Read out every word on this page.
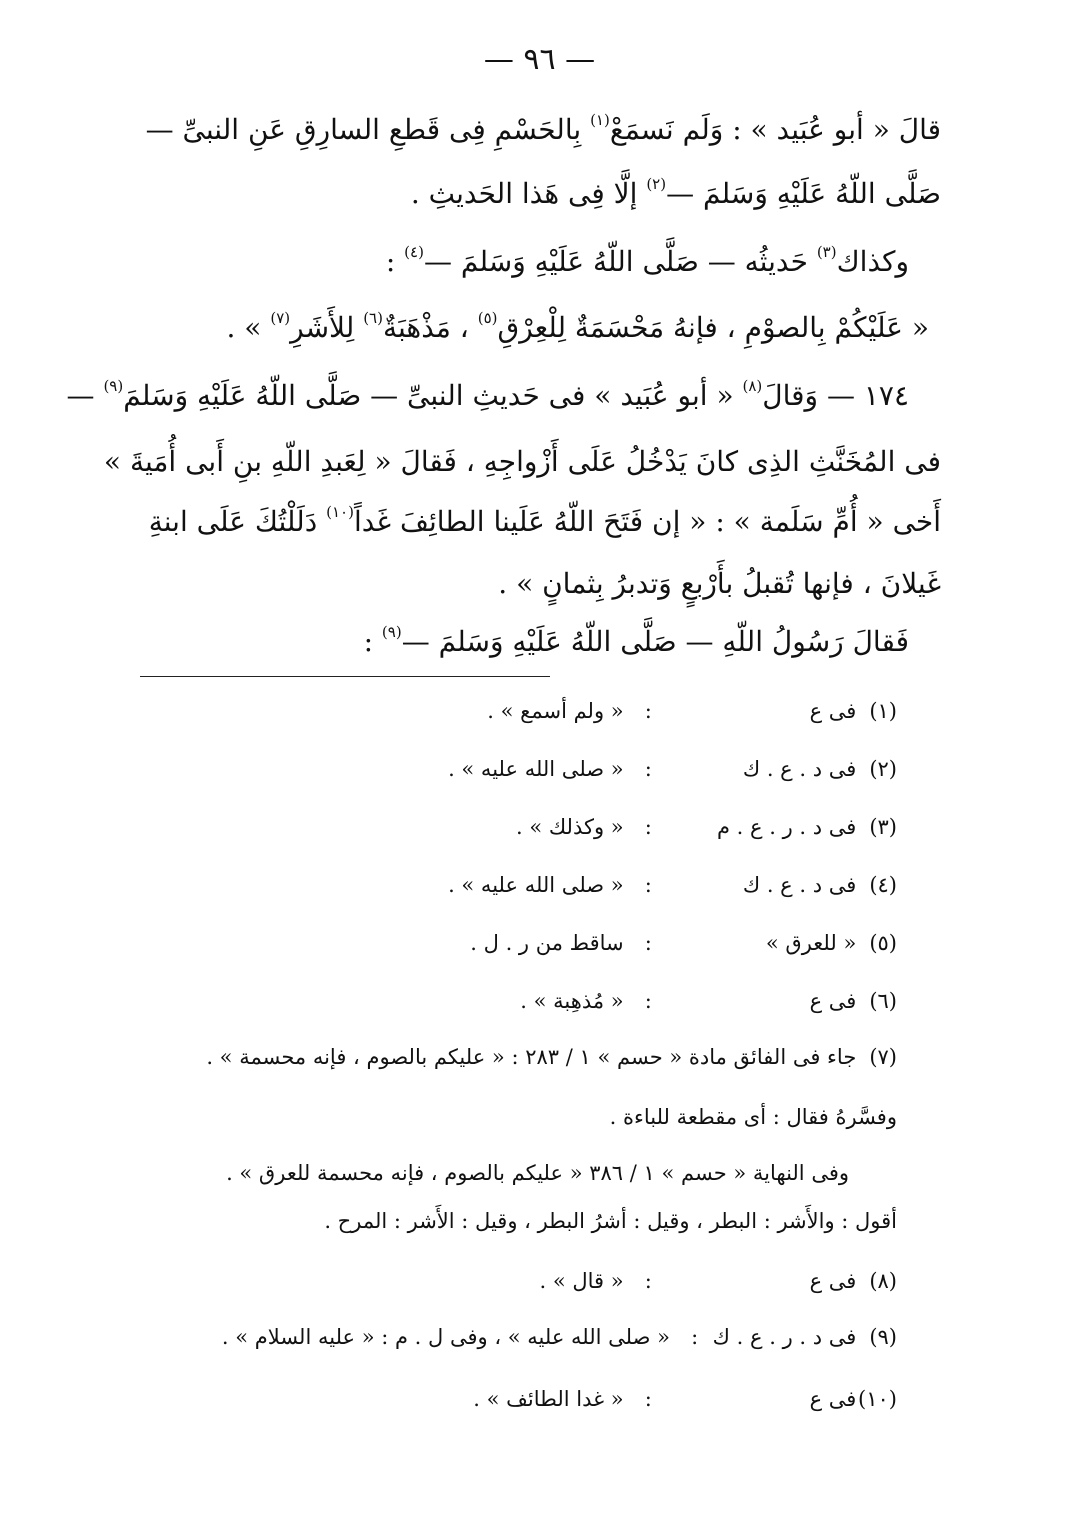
— ٩٦ —
قالَ « أبو عُبَيد » : وَلَم نَسمَعْ$^{(١)}$ بِالحَسْمِ فِى قَطعِ السارِقِ عَنِ النبىِّ —
صَلَّى اللّهُ عَلَيْهِ وَسَلمَ —$^{(٢)}$ إلَّا فِى هَذا الحَديثِ .
وكذاك$^{(٣)}$ حَديثُه — صَلَّى اللّهُ عَلَيْهِ وَسَلمَ —$^{(٤)}$ :
« عَلَيْكُمْ بِالصوْمِ ، فإنهُ مَحْسَمَةٌ لِلْعِرْقِ$^{(٥)}$ ، مَذْهَبَةٌ$^{(٦)}$ لِلأَشَرِ$^{(٧)}$ » .
١٧٤ — وَقالَ$^{(٨)}$ « أبو عُبَيد » فى حَديثِ النبىِّ — صَلَّى اللّهُ عَلَيْهِ وَسَلمَ$^{(٩)}$ —
فى المُخَنَّثِ الذِى كانَ يَدْخُلُ عَلَى أَزْواجِهِ ، فَقالَ « لِعَبدِ اللّهِ بنِ أَبى أُمَيةَ »
أَخى « أُمِّ سَلَمة » : « إن فَتَحَ اللّهُ عَلَينا الطائِفَ غَداً$^{(١٠)}$ دَلَلْتُكَ عَلَى ابنةِ
غَيلانَ ، فإنها تُقبلُ بأَرْبعٍ وَتدبرُ بِثمانٍ » .
فَقالَ رَسُولُ اللّهِ — صَلَّى اللّهُ عَلَيْهِ وَسَلمَ —$^{(٩)}$ :
(١) فى ع: « ولم أسمع » .
(٢) فى د . ع . ك: « صلى الله عليه » .
(٣) فى د . ر . ع . م: « وكذلك » .
(٤) فى د . ع . ك: « صلى الله عليه » .
(٥) « للعرق »: ساقط من ر . ل .
(٦) فى ع: « مُذهِبة » .
(٧) جاء فى الفائق مادة « حسم » ١ / ٢٨٣ : « عليكم بالصوم ، فإنه محسمة » .
وفسَّرهُ فقال : أى مقطعة للباءة .
وفى النهاية « حسم » ١ / ٣٨٦ « عليكم بالصوم ، فإنه محسمة للعرق » .
أقول : والأَشر : البطر ، وقيل : أشرُ البطر ، وقيل : الأَشر : المرح .
(٨) فى ع: « قال » .
(٩) فى د . ر . ع . ك: « صلى الله عليه » ، وفى ل . م : « عليه السلام » .
(١٠) فى ع: « غدا الطائف » .
